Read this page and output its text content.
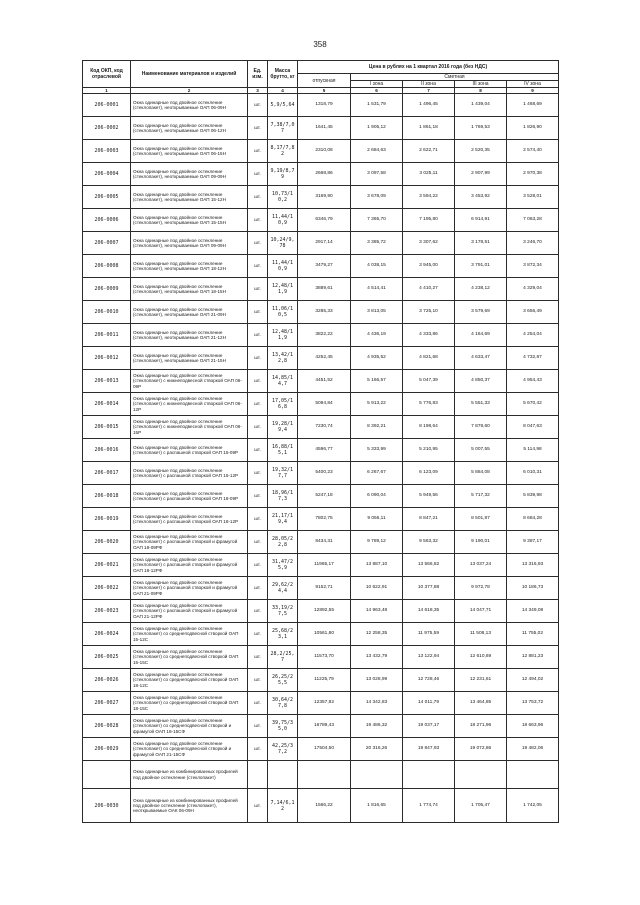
358
Код ОКП, код отраслевой	Наименование материалов и изделий	Ед. изм.	Масса брутто, кг	Цена в рублях на 1 квартал 2016 года (без НДС)				
				отпускная	Сметная			
					I зона	II зона	III зона	IV зона
1	2	3	4	5	6	7	8	9
206-0001	Окна одинарные под двойное остекление (стеклопакет), неоткрываемые ОАП 06-09Н	шт.	5,9/5,64	1318,79	1 531,79	1 496,45	1 439,04	1 468,69
206-0002	Окна одинарные под двойное остекление (стеклопакет), неоткрываемые ОАП 06-12Н	шт.	7,38/7,07	1641,45	1 905,12	1 861,18	1 769,53	1 826,90
206-0003	Окна одинарные под двойное остекление (стеклопакет), неоткрываемые ОАП 06-15Н	шт.	8,17/7,82	2310,08	2 684,63	2 622,71	2 520,35	2 574,40
206-0004	Окна одинарные под двойное остекление (стеклопакет), неоткрываемые ОАП 09-09Н	шт.	9,19/8,79	2668,86	3 097,58	3 025,11	2 907,99	2 970,38
206-0005	Окна одинарные под двойное остекление (стеклопакет), неоткрываемые ОАП 15-12Н	шт.	10,73/10,2	3169,90	3 678,09	3 594,22	3 453,92	3 528,01
206-0006	Окна одинарные под двойное остекление (стеклопакет), неоткрываемые ОАП 15-15Н	шт.	11,44/10,9	6346,79	7 365,70	7 195,80	6 914,91	7 063,28
206-0007	Окна одинарные под двойное остекление (стеклопакет), неоткрываемые ОАП 09-09Н	шт.	10,24/9,78	2917,14	3 385,72	3 307,62	3 178,51	3 246,70
206-0008	Окна одинарные под двойное остекление (стеклопакет), неоткрываемые ОАП 18-12Н	шт.	11,44/10,9	3479,27	4 038,15	3 945,00	3 791,01	3 872,34
206-0009	Окна одинарные под двойное остекление (стеклопакет), неоткрываемые ОАП 18-15Н	шт.	12,48/11,9	3889,61	4 514,41	4 410,27	4 238,12	4 329,04
206-0010	Окна одинарные под двойное остекление (стеклопакет), неоткрываемые ОАП 21-09Н	шт.	11,06/10,5	3285,33	3 813,05	3 725,10	3 579,69	3 656,49
206-0011	Окна одинарные под двойное остекление (стеклопакет), неоткрываемые ОАП 21-12Н	шт.	12,48/11,9	3822,22	4 436,19	4 333,86	4 164,69	4 254,04
206-0012	Окна одинарные под двойное остекление (стеклопакет), неоткрываемые ОАП 21-15Н	шт.	13,42/12,8	4252,45	4 935,52	4 821,68	4 633,47	4 732,87
206-0013	Окна одинарные под двойное остекление (стеклопакет) с нижнеподвесной створкой ОАП 06-09Р	шт.	14,85/14,7	4451,52	5 166,57	5 047,39	4 850,37	4 954,43
206-0014	Окна одинарные под двойное остекление (стеклопакет) с нижнеподвесной створкой ОАП 06-12Р	шт.	17,05/16,8	5094,84	5 913,22	5 776,83	5 551,33	5 670,42
206-0015	Окна одинарные под двойное остекление (стеклопакет) с нижнеподвесной створкой ОАП 06-15Р	шт.	19,28/19,4	7230,74	8 392,21	8 198,64	7 878,60	8 047,63
206-0016	Окна одинарные под двойное остекление (стеклопакет) с распашной створкой ОАП 15-09Р	шт.	16,88/15,1	4596,77	5 333,99	5 210,95	5 007,55	5 114,98
206-0017	Окна одинарные под двойное остекление (стеклопакет) с распашной створкой ОАП 15-12Р	шт.	19,32/17,7	5400,23	6 267,67	6 123,09	5 884,08	6 010,31
206-0018	Окна одинарные под двойное остекление (стеклопакет) с распашной створкой ОАП 18-09Р	шт.	18,96/17,3	5247,18	6 090,04	5 949,56	5 717,32	5 839,98
206-0019	Окна одинарные под двойное остекление (стеклопакет) с распашной створкой ОАП 18-12Р	шт.	21,17/19,4	7802,75	9 056,11	8 847,21	8 501,87	8 684,28
206-0020	Окна одинарные под двойное остекление (стеклопакет) с распашной створкой и фрамугой ОАП 18-09РФ	шт.	28,05/22,8	8434,31	9 789,12	9 563,32	9 190,01	9 387,17
206-0021	Окна одинарные под двойное остекление (стеклопакет) с распашной створкой и фрамугой ОАП 18-12РФ	шт.	31,47/25,9	11965,17	13 887,10	13 566,82	13 037,24	13 316,93
206-0022	Окна одинарные под двойное остекление (стеклопакет) с распашной створкой и фрамугой ОАП 21-09РФ	шт.	29,62/24,4	9152,71	10 622,91	10 377,88	9 972,78	10 186,73
206-0023	Окна одинарные под двойное остекление (стеклопакет) с распашной створкой и фрамугой ОАП 21-12РФ	шт.	33,19/27,5	12892,55	14 963,48	14 618,35	14 047,71	14 349,08
206-0024	Окна одинарные под двойное остекление (стеклопакет) со среднеподвесной створкой ОАП 15-12С	шт.	25,68/23,1	10561,80	12 258,35	11 975,59	11 508,13	11 755,02
206-0025	Окна одинарные под двойное остекление (стеклопакет) со среднеподвесной створкой ОАП 15-15С	шт.	28,2/25,7	11573,70	13 432,79	13 122,94	12 610,69	12 881,23
206-0026	Окна одинарные под двойное остекление (стеклопакет) со среднеподвесной створкой ОАП 18-12С	шт.	26,25/25,5	11225,79	13 028,99	12 728,46	12 231,61	12 494,02
206-0027	Окна одинарные под двойное остекление (стеклопакет) со среднеподвесной створкой ОАП 18-15С	шт.	30,64/27,8	12357,82	14 342,83	14 011,79	13 464,85	13 753,72
206-0028	Окна одинарные под двойное остекление (стеклопакет) со среднеподвесной створкой и фрамугой ОАП 18-15СФ	шт.	39,75/35,0	16789,43	19 486,32	19 037,17	18 271,96	18 663,96
206-0029	Окна одинарные под двойное остекление (стеклопакет) со среднеподвесной створкой и фрамугой ОАП 21-15СФ	шт.	42,25/37,2	17504,50	20 316,26	19 847,93	19 072,86	19 482,06
	Окна одинарные из комбинированных профилей под двойное остекление (стеклопакет)							
206-0030	Окна одинарные из комбинированных профилей под двойное остекление (стеклопакет), неоткрываемые ОАК 06-09Н	шт.	7,14/6,12	1566,22	1 816,65	1 774,74	1 705,47	1 742,05
